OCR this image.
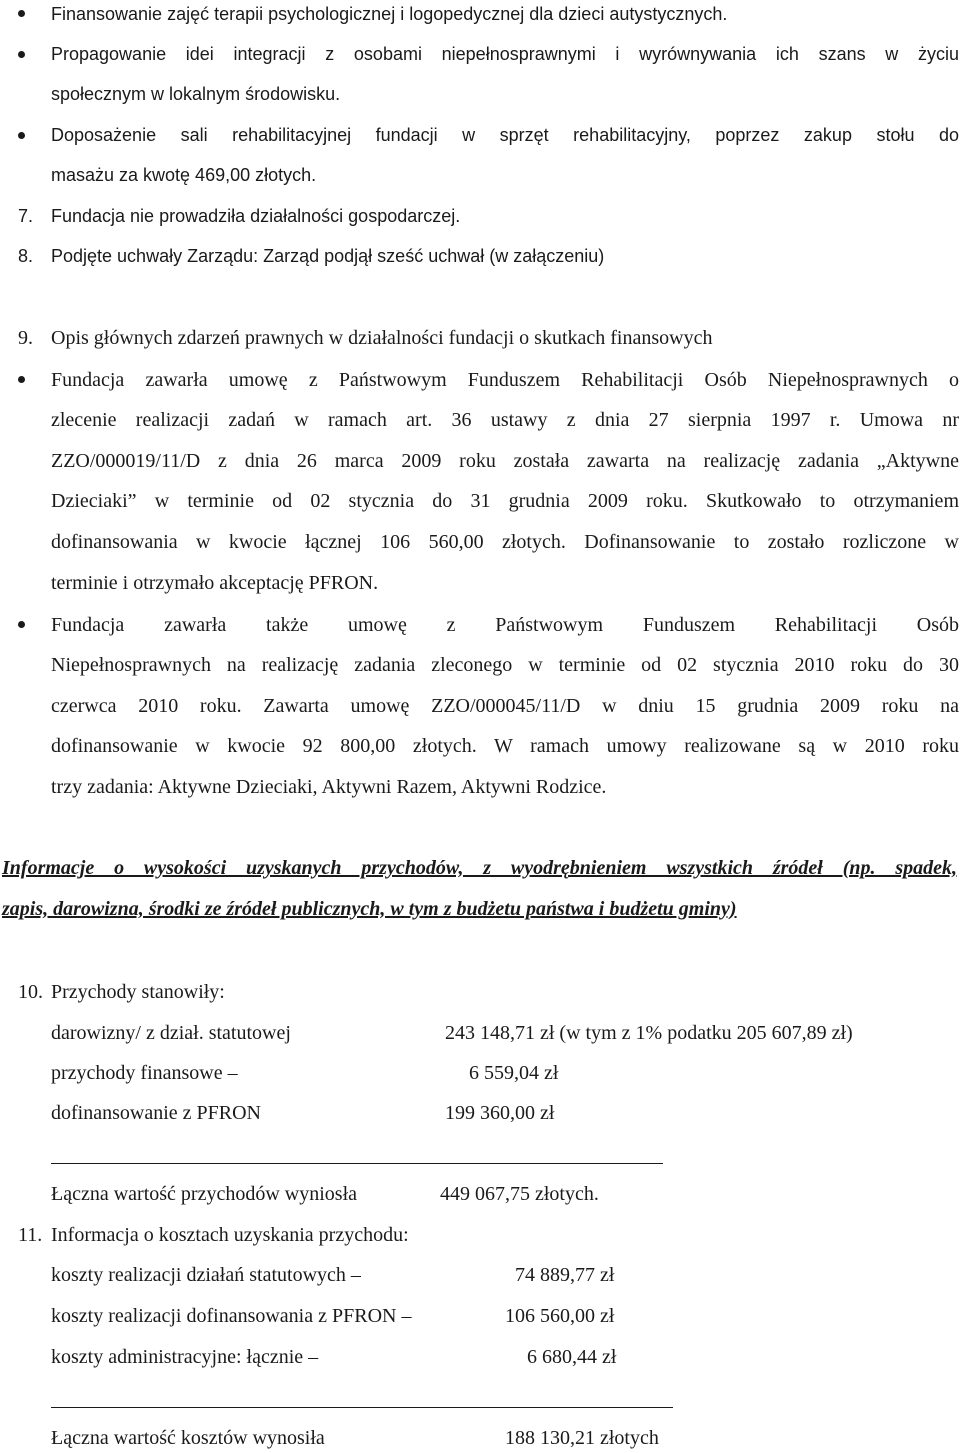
Finansowanie zajęć terapii psychologicznej i logopedycznej dla dzieci autystycznych.
Propagowanie idei integracji z osobami niepełnosprawnymi i wyrównywania ich szans w życiu
społecznym w lokalnym środowisku.
Doposażenie sali rehabilitacyjnej fundacji w sprzęt rehabilitacyjny, poprzez zakup stołu do
masażu za kwotę 469,00 złotych.
7. Fundacja nie prowadziła działalności gospodarczej.
8. Podjęte uchwały Zarządu: Zarząd podjął sześć uchwał (w załączeniu)
9. Opis głównych zdarzeń prawnych w działalności fundacji o skutkach finansowych
Fundacja zawarła umowę z Państwowym Funduszem Rehabilitacji Osób Niepełnosprawnych o
zlecenie realizacji zadań w ramach art. 36 ustawy z dnia 27 sierpnia 1997 r. Umowa nr
ZZO/000019/11/D z dnia 26 marca 2009 roku została zawarta na realizację zadania „Aktywne
Dzieciaki” w terminie od 02 stycznia do 31 grudnia 2009 roku. Skutkowało to otrzymaniem
dofinansowania w kwocie łącznej 106 560,00 złotych. Dofinansowanie to zostało rozliczone w
terminie i otrzymało akceptację PFRON.
Fundacja zawarła także umowę z Państwowym Funduszem Rehabilitacji Osób
Niepełnosprawnych na realizację zadania zleconego w terminie od 02 stycznia 2010 roku do 30
czerwca 2010 roku. Zawarta umowę ZZO/000045/11/D w dniu 15 grudnia 2009 roku na
dofinansowanie w kwocie 92 800,00 złotych. W ramach umowy realizowane są w 2010 roku
trzy zadania: Aktywne Dzieciaki, Aktywni Razem, Aktywni Rodzice.
Informacje o wysokości uzyskanych przychodów, z wyodrębnieniem wszystkich źródeł (np. spadek,
zapis, darowizna, środki ze źródeł publicznych, w tym z budżetu państwa i budżetu gminy)
10. Przychody stanowiły:
darowizny/ z dział. statutowej	243 148,71 zł (w tym z 1% podatku 205 607,89 zł)
przychody finansowe –	6 559,04 zł
dofinansowanie z PFRON	199 360,00 zł
Łączna wartość przychodów wyniosła	449 067,75 złotych.
11. Informacja o kosztach uzyskania przychodu:
koszty realizacji działań statutowych –	74 889,77 zł
koszty realizacji dofinansowania z PFRON –	106 560,00 zł
koszty administracyjne: łącznie –	6 680,44 zł
Łączna wartość kosztów wynosiła	188 130,21 złotych
